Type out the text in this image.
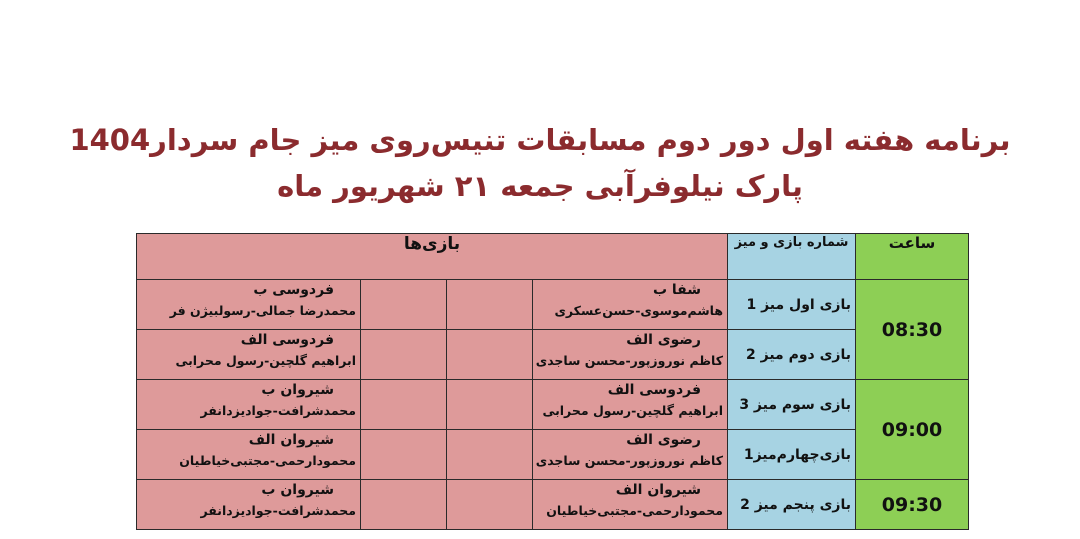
برنامه هفته اول دور دوم مسابقات تنیس‌روی میز جام سردار1404
پارک نیلوفرآبی جمعه ۲۱ شهریور ماه
ساعت	شماره بازی و میز	بازی‌ها			
08:30	بازی اول میز 1	شفا ب
هاشم‌موسوی-حسن‌عسکری			فردوسی ب
محمدرضا جمالی-رسولبیژن فر

	بازی دوم میز 2	رضوی الف
کاظم نوروزپور-محسن ساجدی			فردوسی الف
ابراهیم گلچین-رسول محرابی

09:00	بازی سوم میز 3	فردوسی الف
ابراهیم گلچین-رسول محرابی			شیروان ب
محمدشرافت-جوادیزدانفر

	بازی‌چهارم‌میز1	رضوی الف
کاظم نوروزپور-محسن ساجدی			شیروان الف
محمودارحمی-مجتبی‌خیاطیان

09:30	بازی پنجم میز 2	شیروان الف
محمودارحمی-مجتبی‌خیاطیان			شیروان ب
محمدشرافت-جوادیزدانفر
